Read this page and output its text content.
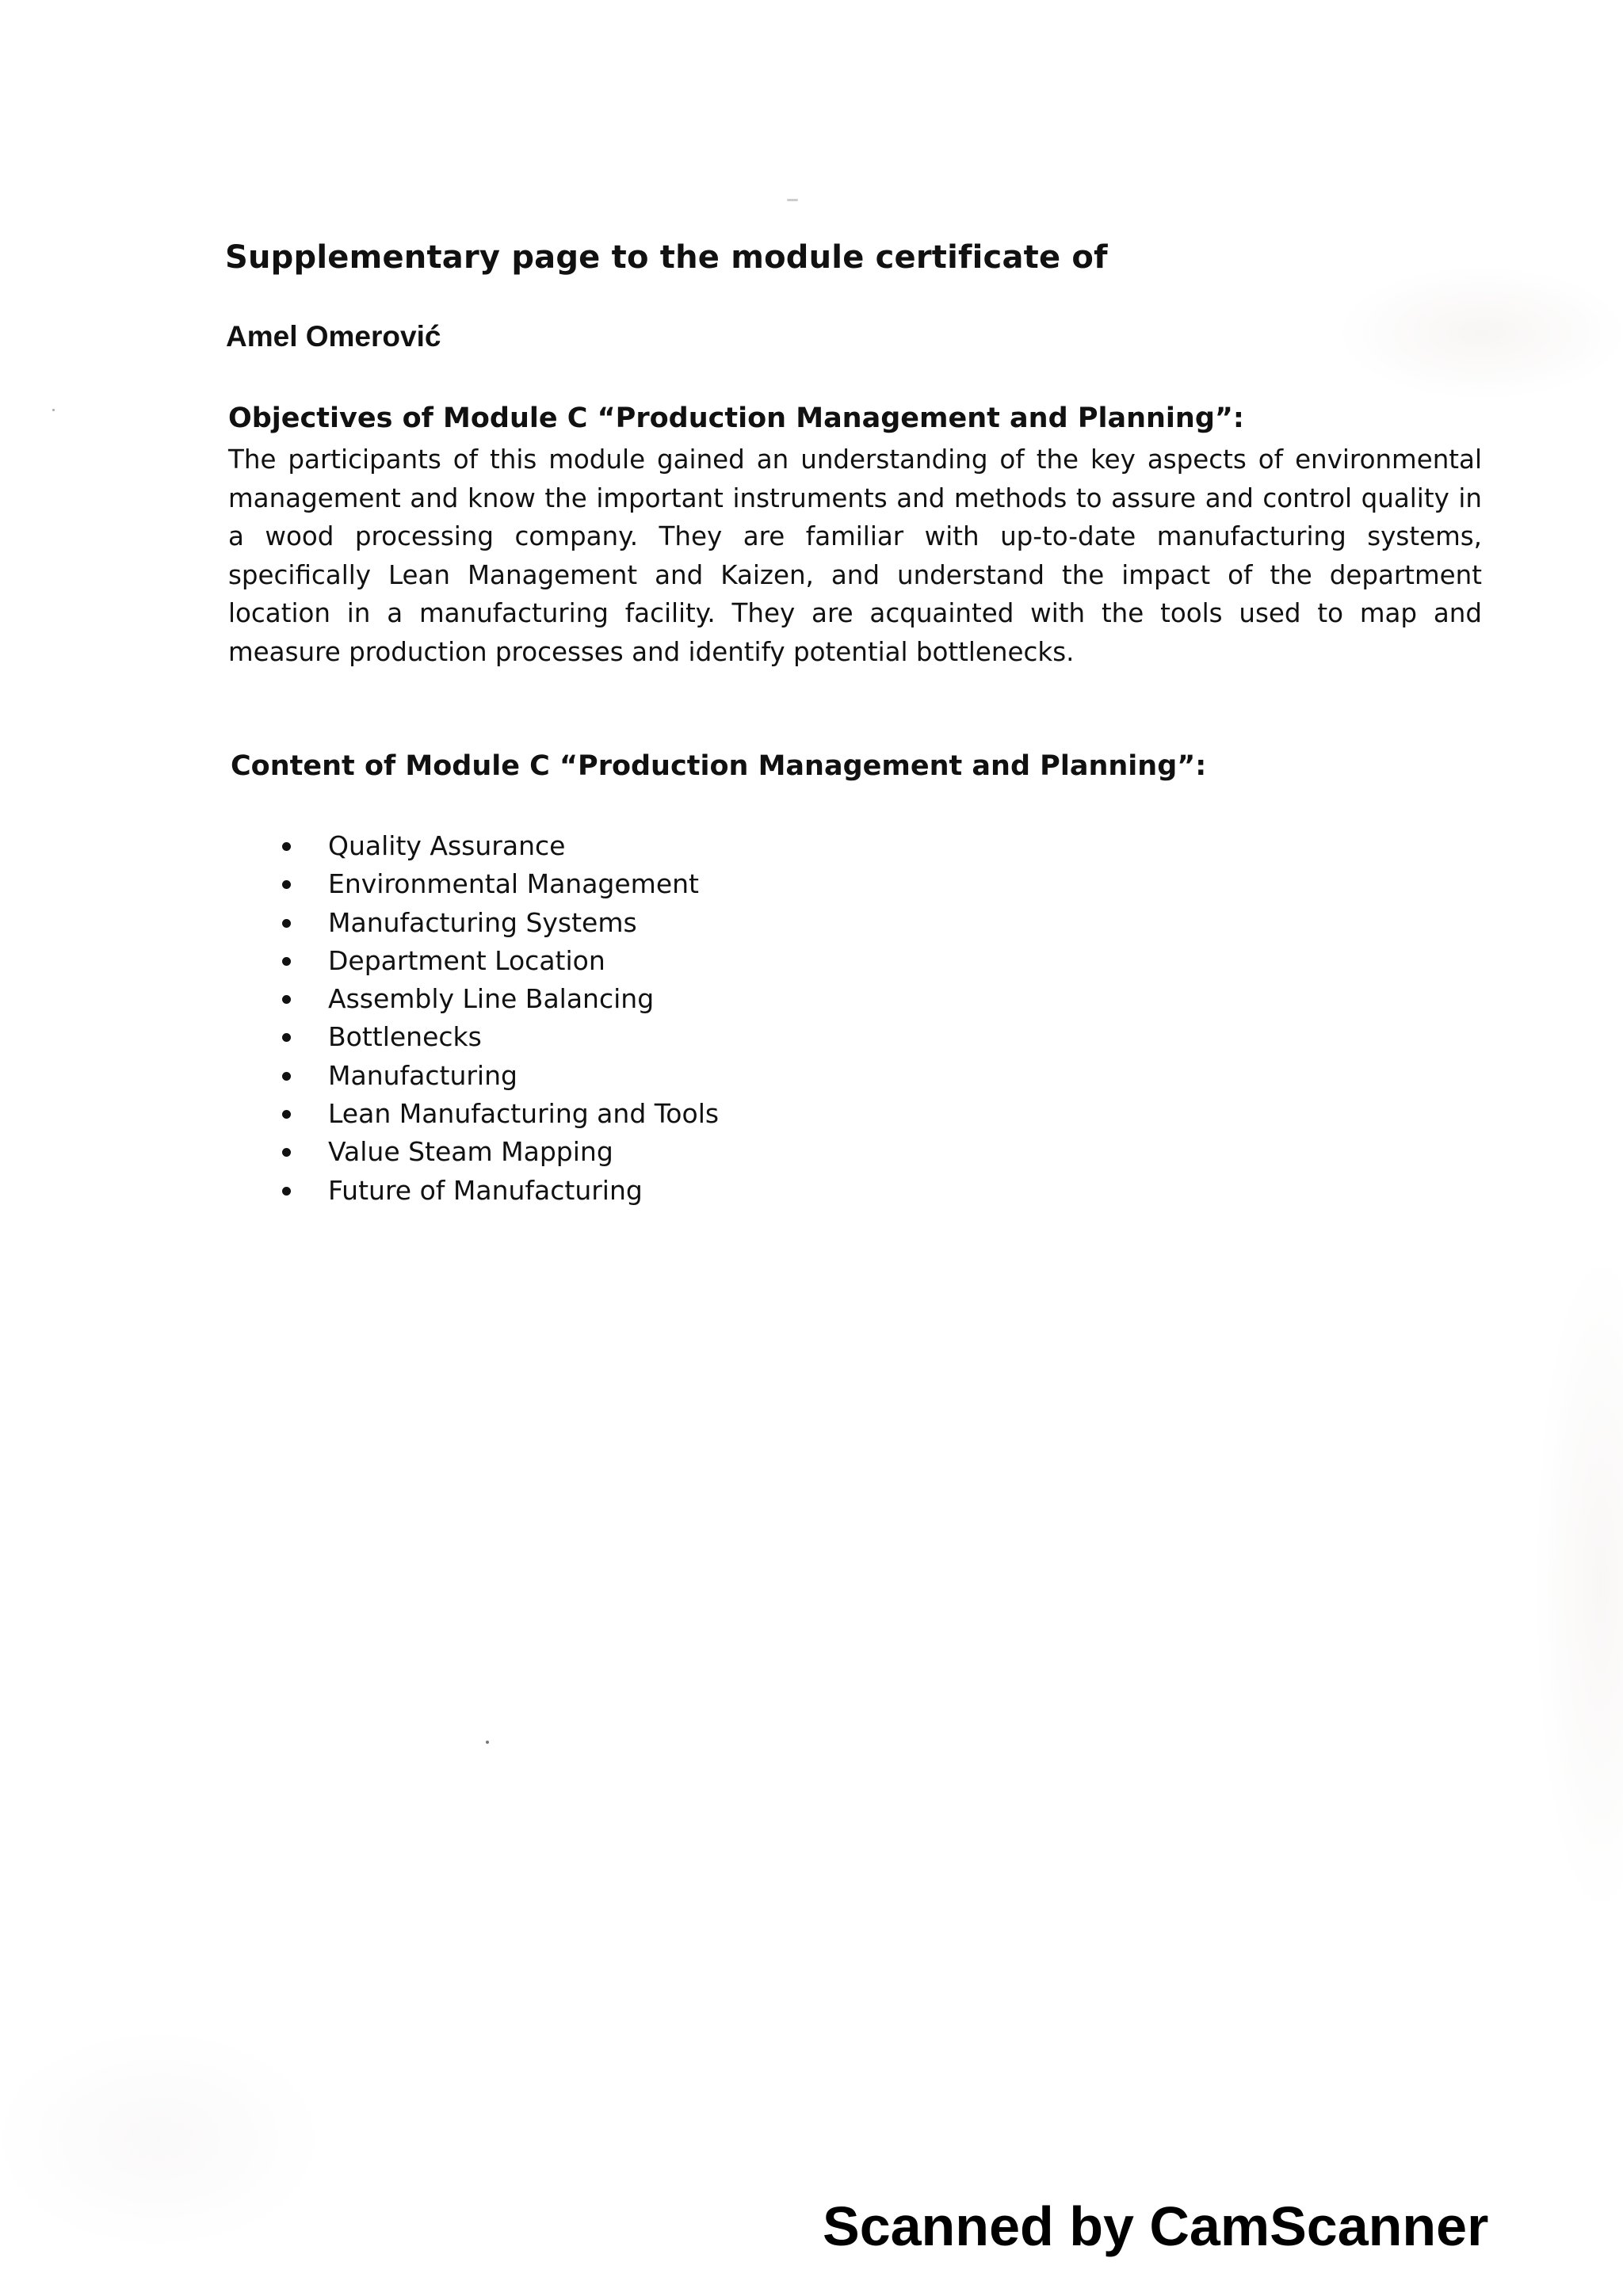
Supplementary page to the module certificate of
Amel Omerović
Objectives of Module C “Production Management and Planning”:

The participants of this module gained an understanding of the key aspects of environmental management and know the important instruments and methods to assure and control quality in a wood processing company. They are familiar with up-to-date manufacturing systems, specifically Lean Management and Kaizen, and understand the impact of the department location in a manufacturing facility. They are acquainted with the tools used to map and measure production processes and identify potential bottlenecks.

Content of Module C “Production Management and Planning”:
Quality Assurance
Environmental Management
Manufacturing Systems
Department Location
Assembly Line Balancing
Bottlenecks
Manufacturing
Lean Manufacturing and Tools
Value Steam Mapping
Future of Manufacturing
Scanned by CamScanner
